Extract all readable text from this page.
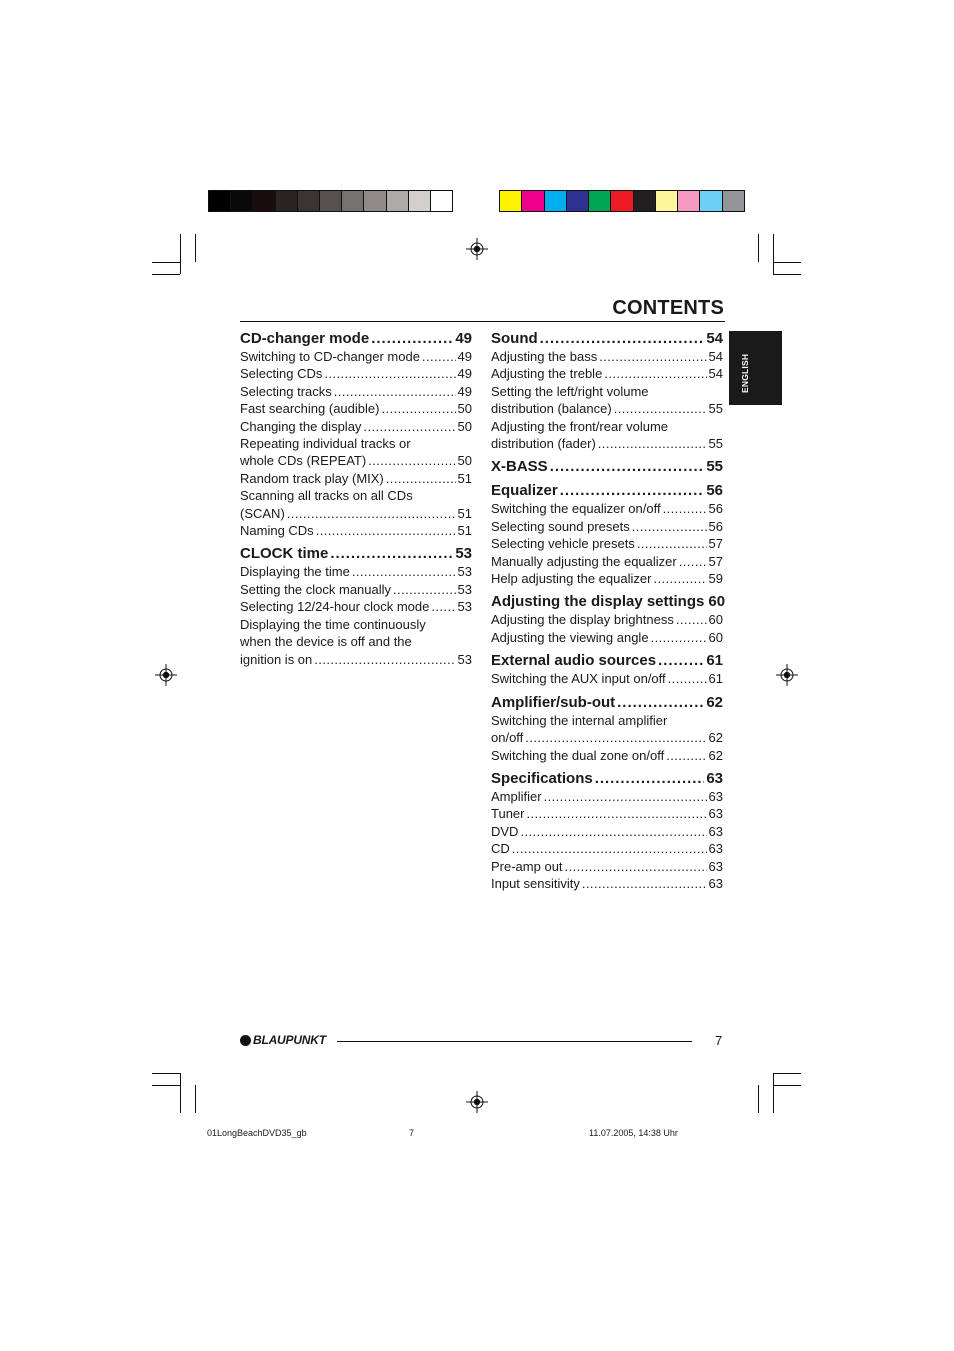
CONTENTS
ENGLISH
CD-changer mode . . .	49
Switching to CD-changer mode . . .	49
Selecting CDs . . .	49
Selecting tracks . . .	49
Fast searching (audible) . . .	50
Changing the display . . .	50
Repeating individual tracks or
whole CDs (REPEAT) . . .	50
Random track play (MIX) . . .	51
Scanning all tracks on all CDs
(SCAN) . . .	51
Naming CDs . . .	51
CLOCK time . . .	53
Displaying the time . . .	53
Setting the clock manually . . .	53
Selecting 12/24-hour clock mode . . . 53
Displaying the time continuously
when the device is off and the
ignition is on . . .	53
Sound . . .	54
Adjusting the bass . . .	54
Adjusting the treble . . .	54
Setting the left/right volume
distribution (balance) . . .	55
Adjusting the front/rear volume
distribution (fader) . . .	55
X-BASS . . .	55
Equalizer . . .	56
Switching the equalizer on/off . . .	56
Selecting sound presets . . .	56
Selecting vehicle presets . . .	57
Manually adjusting the equalizer . . . 57
Help adjusting the equalizer . . .	59
Adjusting the display settings 60
Adjusting the display brightness . . .	60
Adjusting the viewing angle . . .	60
External audio sources . . .	61
Switching the AUX input on/off . . .	61
Amplifier/sub-out . . .	62
Switching the internal amplifier
on/off . . .	62
Switching the dual zone on/off . . .	62
Specifications . . .	63
Amplifier . . .	63
Tuner . . .	63
DVD . . .	63
CD . . .	63
Pre-amp out . . .	63
Input sensitivity . . .	63
BLAUPUNKT	7
01LongBeachDVD35_gb	7	11.07.2005, 14:38 Uhr
